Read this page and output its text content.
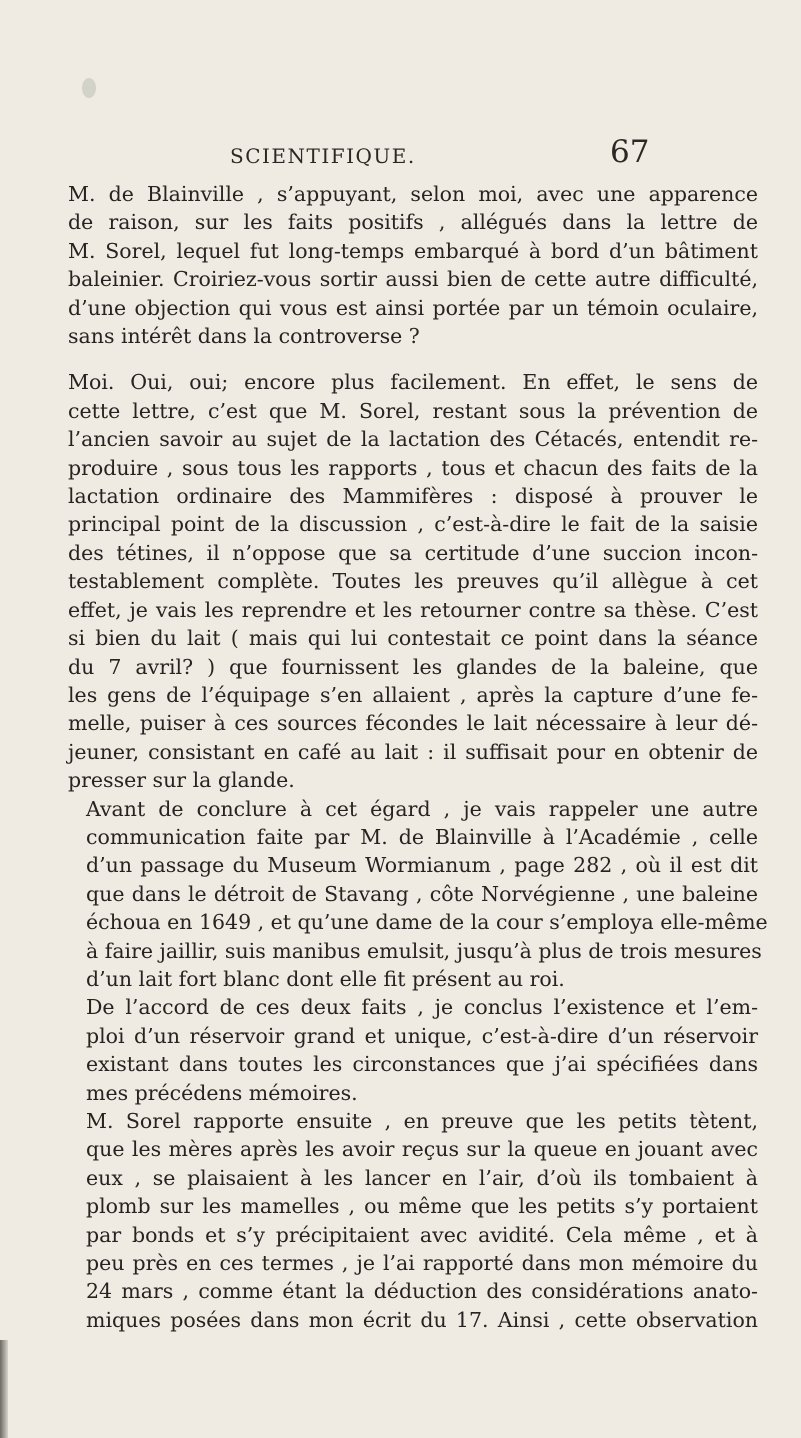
SCIENTIFIQUE.	67

M. de Blainville , s’appuyant, selon moi, avec une apparence
de raison, sur les faits positifs , allégués dans la lettre de
M. Sorel, lequel fut long-temps embarqué à bord d’un bâtiment
baleinier. Croiriez-vous sortir aussi bien de cette autre difficulté,
d’une objection qui vous est ainsi portée par un témoin oculaire,
sans intérêt dans la controverse ?

Moi. Oui, oui; encore plus facilement. En effet, le sens de
cette lettre, c’est que M. Sorel, restant sous la prévention de
l’ancien savoir au sujet de la lactation des Cétacés, entendit re-
produire , sous tous les rapports , tous et chacun des faits de la
lactation ordinaire des Mammifères : disposé à prouver le
principal point de la discussion , c’est-à-dire le fait de la saisie
des tétines, il n’oppose que sa certitude d’une succion incon-
testablement complète. Toutes les preuves qu’il allègue à cet
effet, je vais les reprendre et les retourner contre sa thèse. C’est
si bien du lait ( mais qui lui contestait ce point dans la séance
du 7 avril? ) que fournissent les glandes de la baleine, que
les gens de l’équipage s’en allaient , après la capture d’une fe-
melle, puiser à ces sources fécondes le lait nécessaire à leur dé-
jeuner, consistant en café au lait : il suffisait pour en obtenir de
presser sur la glande.

Avant de conclure à cet égard , je vais rappeler une autre
communication faite par M. de Blainville à l’Académie , celle
d’un passage du Museum Wormianum , page 282 , où il est dit
que dans le détroit de Stavang , côte Norvégienne , une baleine
échoua en 1649 , et qu’une dame de la cour s’employa elle-même
à faire jaillir, suis manibus emulsit, jusqu’à plus de trois mesures
d’un lait fort blanc dont elle fit présent au roi.

De l’accord de ces deux faits , je conclus l’existence et l’em-
ploi d’un réservoir grand et unique, c’est-à-dire d’un réservoir
existant dans toutes les circonstances que j’ai spécifiées dans
mes précédens mémoires.

M. Sorel rapporte ensuite , en preuve que les petits tètent,
que les mères après les avoir reçus sur la queue en jouant avec
eux , se plaisaient à les lancer en l’air, d’où ils tombaient à
plomb sur les mamelles , ou même que les petits s’y portaient
par bonds et s’y précipitaient avec avidité. Cela même , et à
peu près en ces termes , je l’ai rapporté dans mon mémoire du
24 mars , comme étant la déduction des considérations anato-
miques posées dans mon écrit du 17. Ainsi , cette observation
